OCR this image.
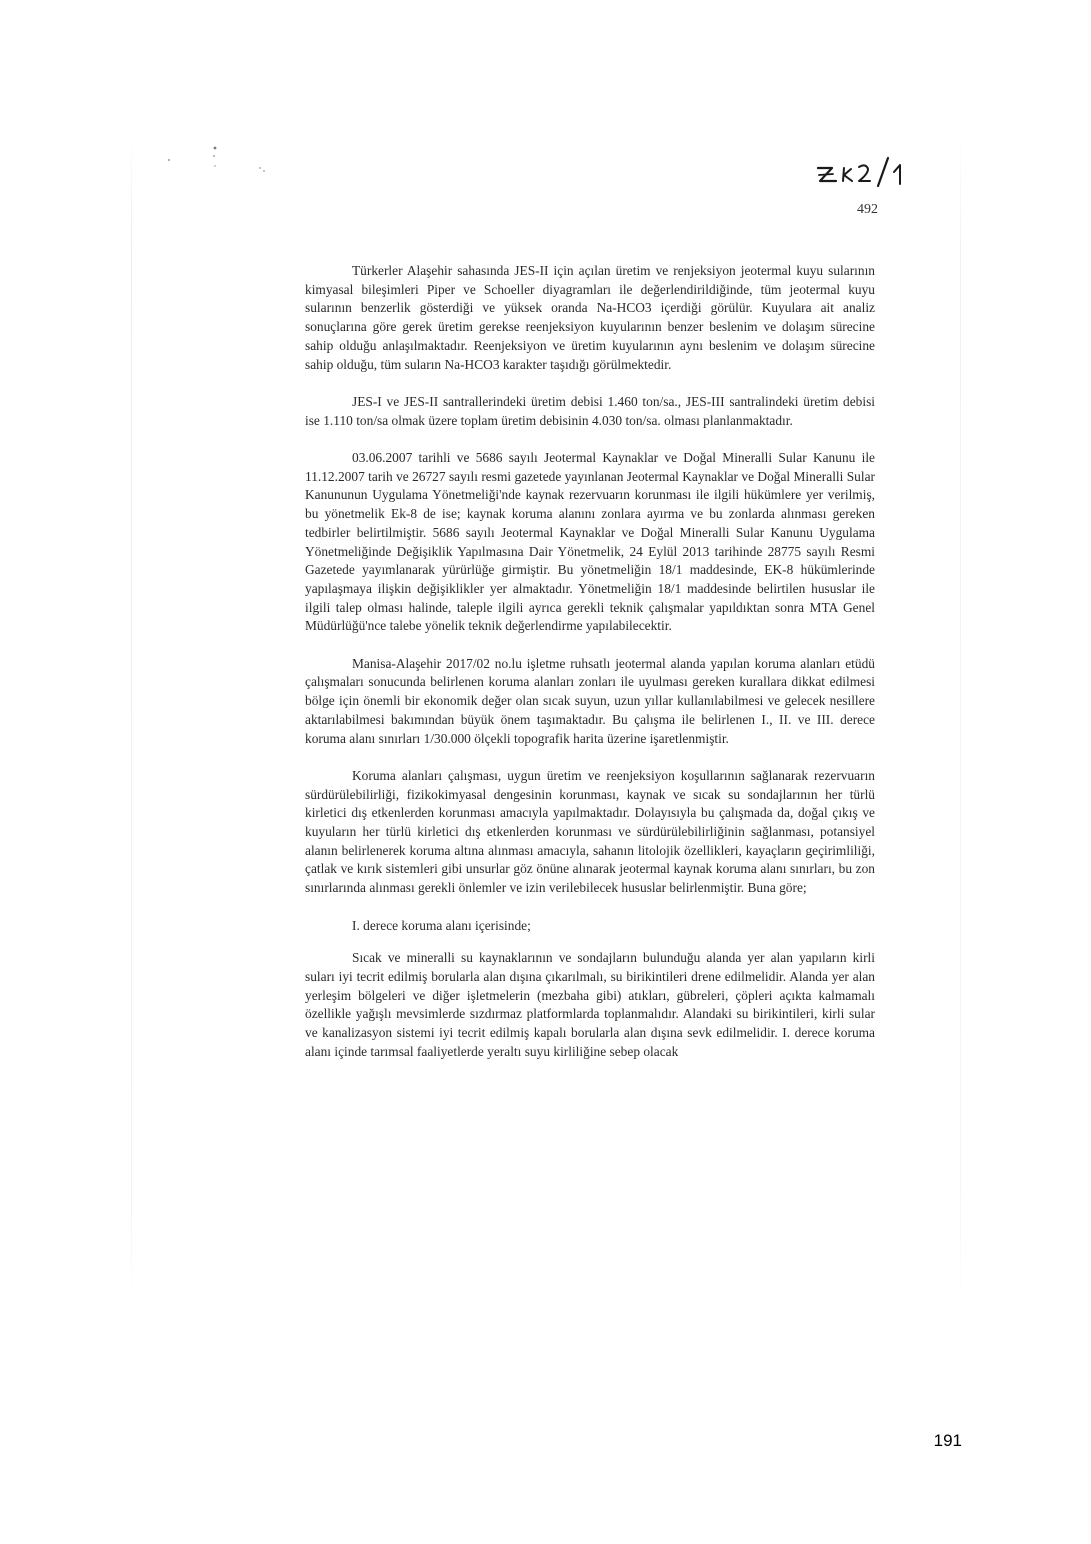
492

Türkerler Alaşehir sahasında JES-II için açılan üretim ve renjeksiyon jeotermal kuyu sularının kimyasal bileşimleri Piper ve Schoeller diyagramları ile değerlendirildiğinde, tüm jeotermal kuyu sularının benzerlik gösterdiği ve yüksek oranda Na-HCO3 içerdiği görülür. Kuyulara ait analiz sonuçlarına göre gerek üretim gerekse reenjeksiyon kuyularının benzer beslenim ve dolaşım sürecine sahip olduğu anlaşılmaktadır. Reenjeksiyon ve üretim kuyularının aynı beslenim ve dolaşım sürecine sahip olduğu, tüm suların Na-HCO3 karakter taşıdığı görülmektedir.

JES-I ve JES-II santrallerindeki üretim debisi 1.460 ton/sa., JES-III santralindeki üretim debisi ise 1.110 ton/sa olmak üzere toplam üretim debisinin 4.030 ton/sa. olması planlanmaktadır.

03.06.2007 tarihli ve 5686 sayılı Jeotermal Kaynaklar ve Doğal Mineralli Sular Kanunu ile 11.12.2007 tarih ve 26727 sayılı resmi gazetede yayınlanan Jeotermal Kaynaklar ve Doğal Mineralli Sular Kanununun Uygulama Yönetmeliği'nde kaynak rezervuarın korunması ile ilgili hükümlere yer verilmiş, bu yönetmelik Ek-8 de ise; kaynak koruma alanını zonlara ayırma ve bu zonlarda alınması gereken tedbirler belirtilmiştir. 5686 sayılı Jeotermal Kaynaklar ve Doğal Mineralli Sular Kanunu Uygulama Yönetmeliğinde Değişiklik Yapılmasına Dair Yönetmelik, 24 Eylül 2013 tarihinde 28775 sayılı Resmi Gazetede yayımlanarak yürürlüğe girmiştir. Bu yönetmeliğin 18/1 maddesinde, EK-8 hükümlerinde yapılaşmaya ilişkin değişiklikler yer almaktadır. Yönetmeliğin 18/1 maddesinde belirtilen hususlar ile ilgili talep olması halinde, taleple ilgili ayrıca gerekli teknik çalışmalar yapıldıktan sonra MTA Genel Müdürlüğü'nce talebe yönelik teknik değerlendirme yapılabilecektir.

Manisa-Alaşehir 2017/02 no.lu işletme ruhsatlı jeotermal alanda yapılan koruma alanları etüdü çalışmaları sonucunda belirlenen koruma alanları zonları ile uyulması gereken kurallara dikkat edilmesi bölge için önemli bir ekonomik değer olan sıcak suyun, uzun yıllar kullanılabilmesi ve gelecek nesillere aktarılabilmesi bakımından büyük önem taşımaktadır. Bu çalışma ile belirlenen I., II. ve III. derece koruma alanı sınırları 1/30.000 ölçekli topografik harita üzerine işaretlenmiştir.

Koruma alanları çalışması, uygun üretim ve reenjeksiyon koşullarının sağlanarak rezervuarın sürdürülebilirliği, fizikokimyasal dengesinin korunması, kaynak ve sıcak su sondajlarının her türlü kirletici dış etkenlerden korunması amacıyla yapılmaktadır. Dolayısıyla bu çalışmada da, doğal çıkış ve kuyuların her türlü kirletici dış etkenlerden korunması ve sürdürülebilirliğinin sağlanması, potansiyel alanın belirlenerek koruma altına alınması amacıyla, sahanın litolojik özellikleri, kayaçların geçirimliliği, çatlak ve kırık sistemleri gibi unsurlar göz önüne alınarak jeotermal kaynak koruma alanı sınırları, bu zon sınırlarında alınması gerekli önlemler ve izin verilebilecek hususlar belirlenmiştir. Buna göre;

I. derece koruma alanı içerisinde;

Sıcak ve mineralli su kaynaklarının ve sondajların bulunduğu alanda yer alan yapıların kirli suları iyi tecrit edilmiş borularla alan dışına çıkarılmalı, su birikintileri drene edilmelidir. Alanda yer alan yerleşim bölgeleri ve diğer işletmelerin (mezbaha gibi) atıkları, gübreleri, çöpleri açıkta kalmamalı özellikle yağışlı mevsimlerde sızdırmaz platformlarda toplanmalıdır. Alandaki su birikintileri, kirli sular ve kanalizasyon sistemi iyi tecrit edilmiş kapalı borularla alan dışına sevk edilmelidir. I. derece koruma alanı içinde tarımsal faaliyetlerde yeraltı suyu kirliliğine sebep olacak

191
